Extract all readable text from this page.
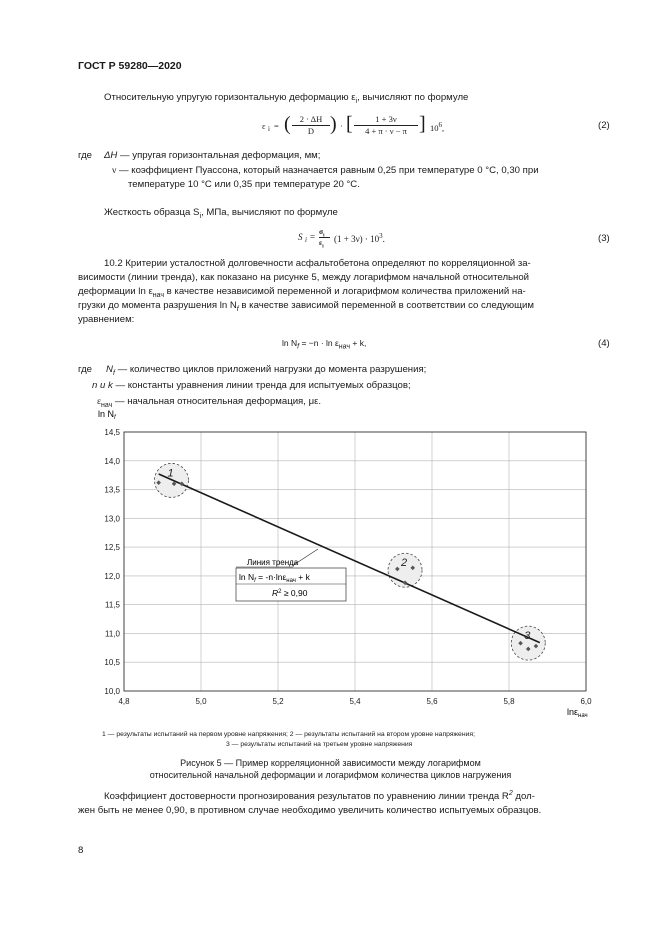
ГОСТ Р 59280—2020
Относительную упругую горизонтальную деформацию $\varepsilon_i$, вычисляют по формуле
ε i = (	2 · ΔH
D ) · [	1 + 3ν
4 + π · ν − π ] $10^6$,	(2)
где ΔH — упругая горизонтальная деформация, мм;
ν — коэффициент Пуассона, который назначается равным 0,25 при температуре 0 °C, 0,30 при
температуре 10 °C или 0,35 при температуре 20 °C.
Жесткость образца $S_i$, МПа, вычисляют по формуле
S i =
$\sigma_i$
$\varepsilon_i$
$(1 + 3\nu) \cdot 10^3$.	(3)
10.2 Критерии усталостной долговечности асфальтобетона определяют по корреляционной за-
висимости (линии тренда), как показано на рисунке 5, между логарифмом начальной относительной
деформации $\ln \varepsilon_{нач}$ в качестве независимой переменной и логарифмом количества приложений на-
грузки до момента разрушения $\ln N_f$ в качестве зависимой переменной в соответствии со следующим
уравнением:
$\ln N_f = -n \cdot \ln \varepsilon_{нач} + k$,	(4)
где $N_f$ — количество циклов приложений нагрузки до момента разрушения;
n и k — константы уравнения линии тренда для испытуемых образцов;
$\varepsilon_{нач}$ — начальная относительная деформация, με.
10,0
10,5
11,0
11,5
12,0
12,5
13,0
13,5
14,0
14,5
4,8	5,0	5,2	5,4	5,6	5,8	6,0
$\ln N_f$
lnε$_{нач}$
1
2
3
Линия тренда
$\ln N_f = -n\cdot\ln\varepsilon_{нач} + k$
$R^2 \ge 0,90$
1 — результаты испытаний на первом уровне напряжения; 2 — результаты испытаний на втором уровне напряжения;
3 — результаты испытаний на третьем уровне напряжения
Рисунок 5 — Пример корреляционной зависимости между логарифмом
относительной начальной деформации и логарифмом количества циклов нагружения
Коэффициент достоверности прогнозирования результатов по уравнению линии тренда $R^2$ дол-
жен быть не менее 0,90, в противном случае необходимо увеличить количество испытуемых образцов.
8
